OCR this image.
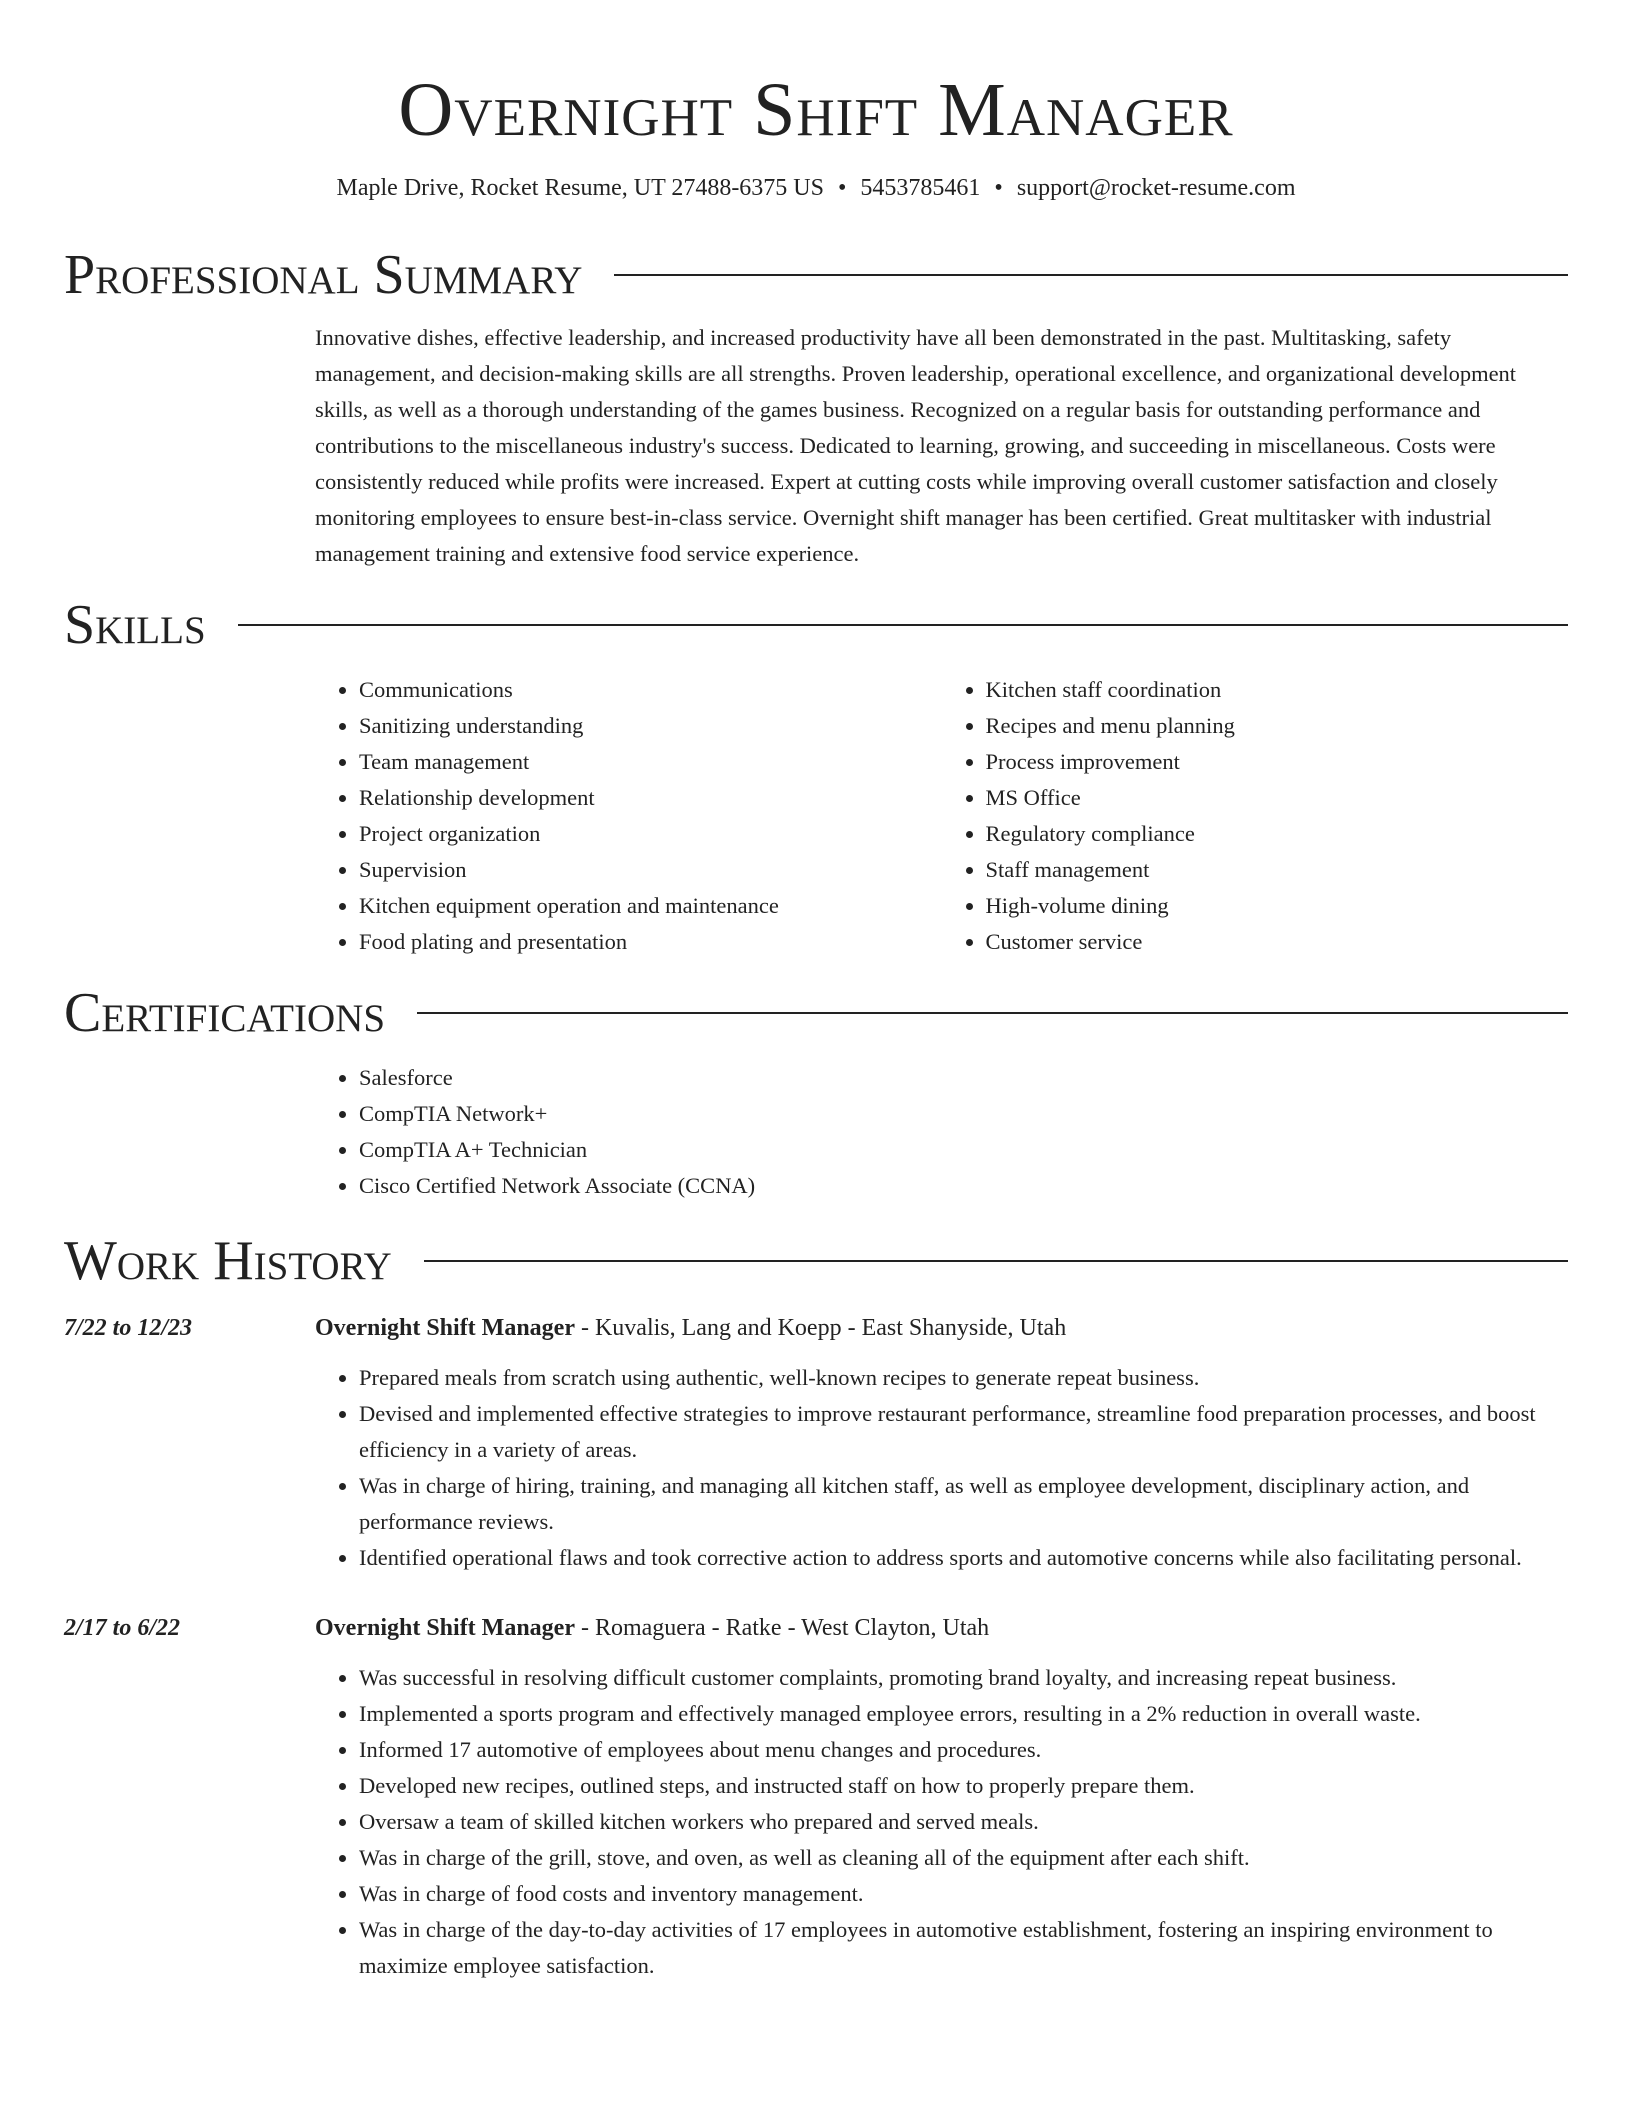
Overnight Shift Manager
Maple Drive, Rocket Resume, UT 27488-6375 US • 5453785461 • support@rocket-resume.com
Professional Summary

Innovative dishes, effective leadership, and increased productivity have all been demonstrated in the past. Multitasking, safety management, and decision-making skills are all strengths. Proven leadership, operational excellence, and organizational development skills, as well as a thorough understanding of the games business. Recognized on a regular basis for outstanding performance and contributions to the miscellaneous industry's success. Dedicated to learning, growing, and succeeding in miscellaneous. Costs were consistently reduced while profits were increased. Expert at cutting costs while improving overall customer satisfaction and closely monitoring employees to ensure best-in-class service. Overnight shift manager has been certified. Great multitasker with industrial management training and extensive food service experience.

Skills
• Communications
• Sanitizing understanding
• Team management
• Relationship development
• Project organization
• Supervision
• Kitchen equipment operation and maintenance
• Food plating and presentation
• Kitchen staff coordination
• Recipes and menu planning
• Process improvement
• MS Office
• Regulatory compliance
• Staff management
• High-volume dining
• Customer service
Certifications
• Salesforce
• CompTIA Network+
• CompTIA A+ Technician
• Cisco Certified Network Associate (CCNA)
Work History
7/22 to 12/23	Overnight Shift Manager - Kuvalis, Lang and Koepp - East Shanyside, Utah
• Prepared meals from scratch using authentic, well-known recipes to generate repeat business.
• Devised and implemented effective strategies to improve restaurant performance, streamline food preparation processes, and boost efficiency in a variety of areas.
• Was in charge of hiring, training, and managing all kitchen staff, as well as employee development, disciplinary action, and performance reviews.
• Identified operational flaws and took corrective action to address sports and automotive concerns while also facilitating personal.
2/17 to 6/22	Overnight Shift Manager - Romaguera - Ratke - West Clayton, Utah
• Was successful in resolving difficult customer complaints, promoting brand loyalty, and increasing repeat business.
• Implemented a sports program and effectively managed employee errors, resulting in a 2% reduction in overall waste.
• Informed 17 automotive of employees about menu changes and procedures.
• Developed new recipes, outlined steps, and instructed staff on how to properly prepare them.
• Oversaw a team of skilled kitchen workers who prepared and served meals.
• Was in charge of the grill, stove, and oven, as well as cleaning all of the equipment after each shift.
• Was in charge of food costs and inventory management.
• Was in charge of the day-to-day activities of 17 employees in automotive establishment, fostering an inspiring environment to maximize employee satisfaction.
